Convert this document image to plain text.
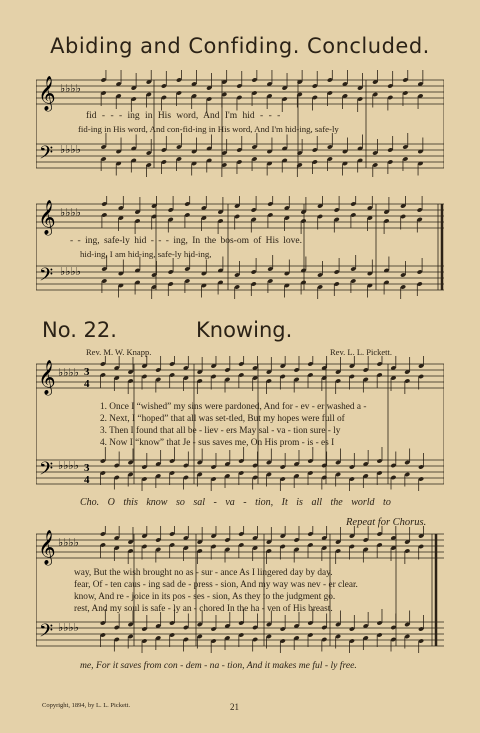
Abiding and Confiding. Concluded.
𝄞
𝄢
♭♭♭♭
♭♭♭♭
fid - - - ing in His word, And I'm hid - - -
fid-ing in His word, And con-fid-ing in His word, And I'm hid-ing, safe-ly
𝄞
𝄢
♭♭♭♭
♭♭♭♭
- - ing, safe-ly hid - - - ing, In the bos-om of His love.
hid-ing, I am hid-ing, safe-ly hid-ing,
No. 22.	Knowing.
Rev. M. W. Knapp.	Rev. L. L. Pickett.
𝄞
𝄢
♭♭♭♭
♭♭♭♭
3
4
3
4
1. Once I “wished” my sins were pardoned, And for - ev - er washed a -
2. Next, I “hoped” that all was set-tled, But my hopes were full of
3. Then I found that all be - liev - ers May sal - va - tion sure - ly
4. Now I “know” that Je - sus saves me, On His prom - is - es I
Cho. O this know so sal - va - tion, It is all the world to
Repeat for Chorus.
𝄞
𝄢
♭♭♭♭
♭♭♭♭
way, But the wish brought no as - sur - ance As I lingered day by day.
fear, Of - ten caus - ing sad de - press - sion, And my way was nev - er clear.
know, And re - joice in its pos - ses - sion, As they to the judgment go.
rest, And my soul is safe - ly an - chored In the ha - ven of His breast.
me, For it saves from con - dem - na - tion, And it makes me ful - ly free.
Copyright, 1894, by L. L. Pickett.	21
